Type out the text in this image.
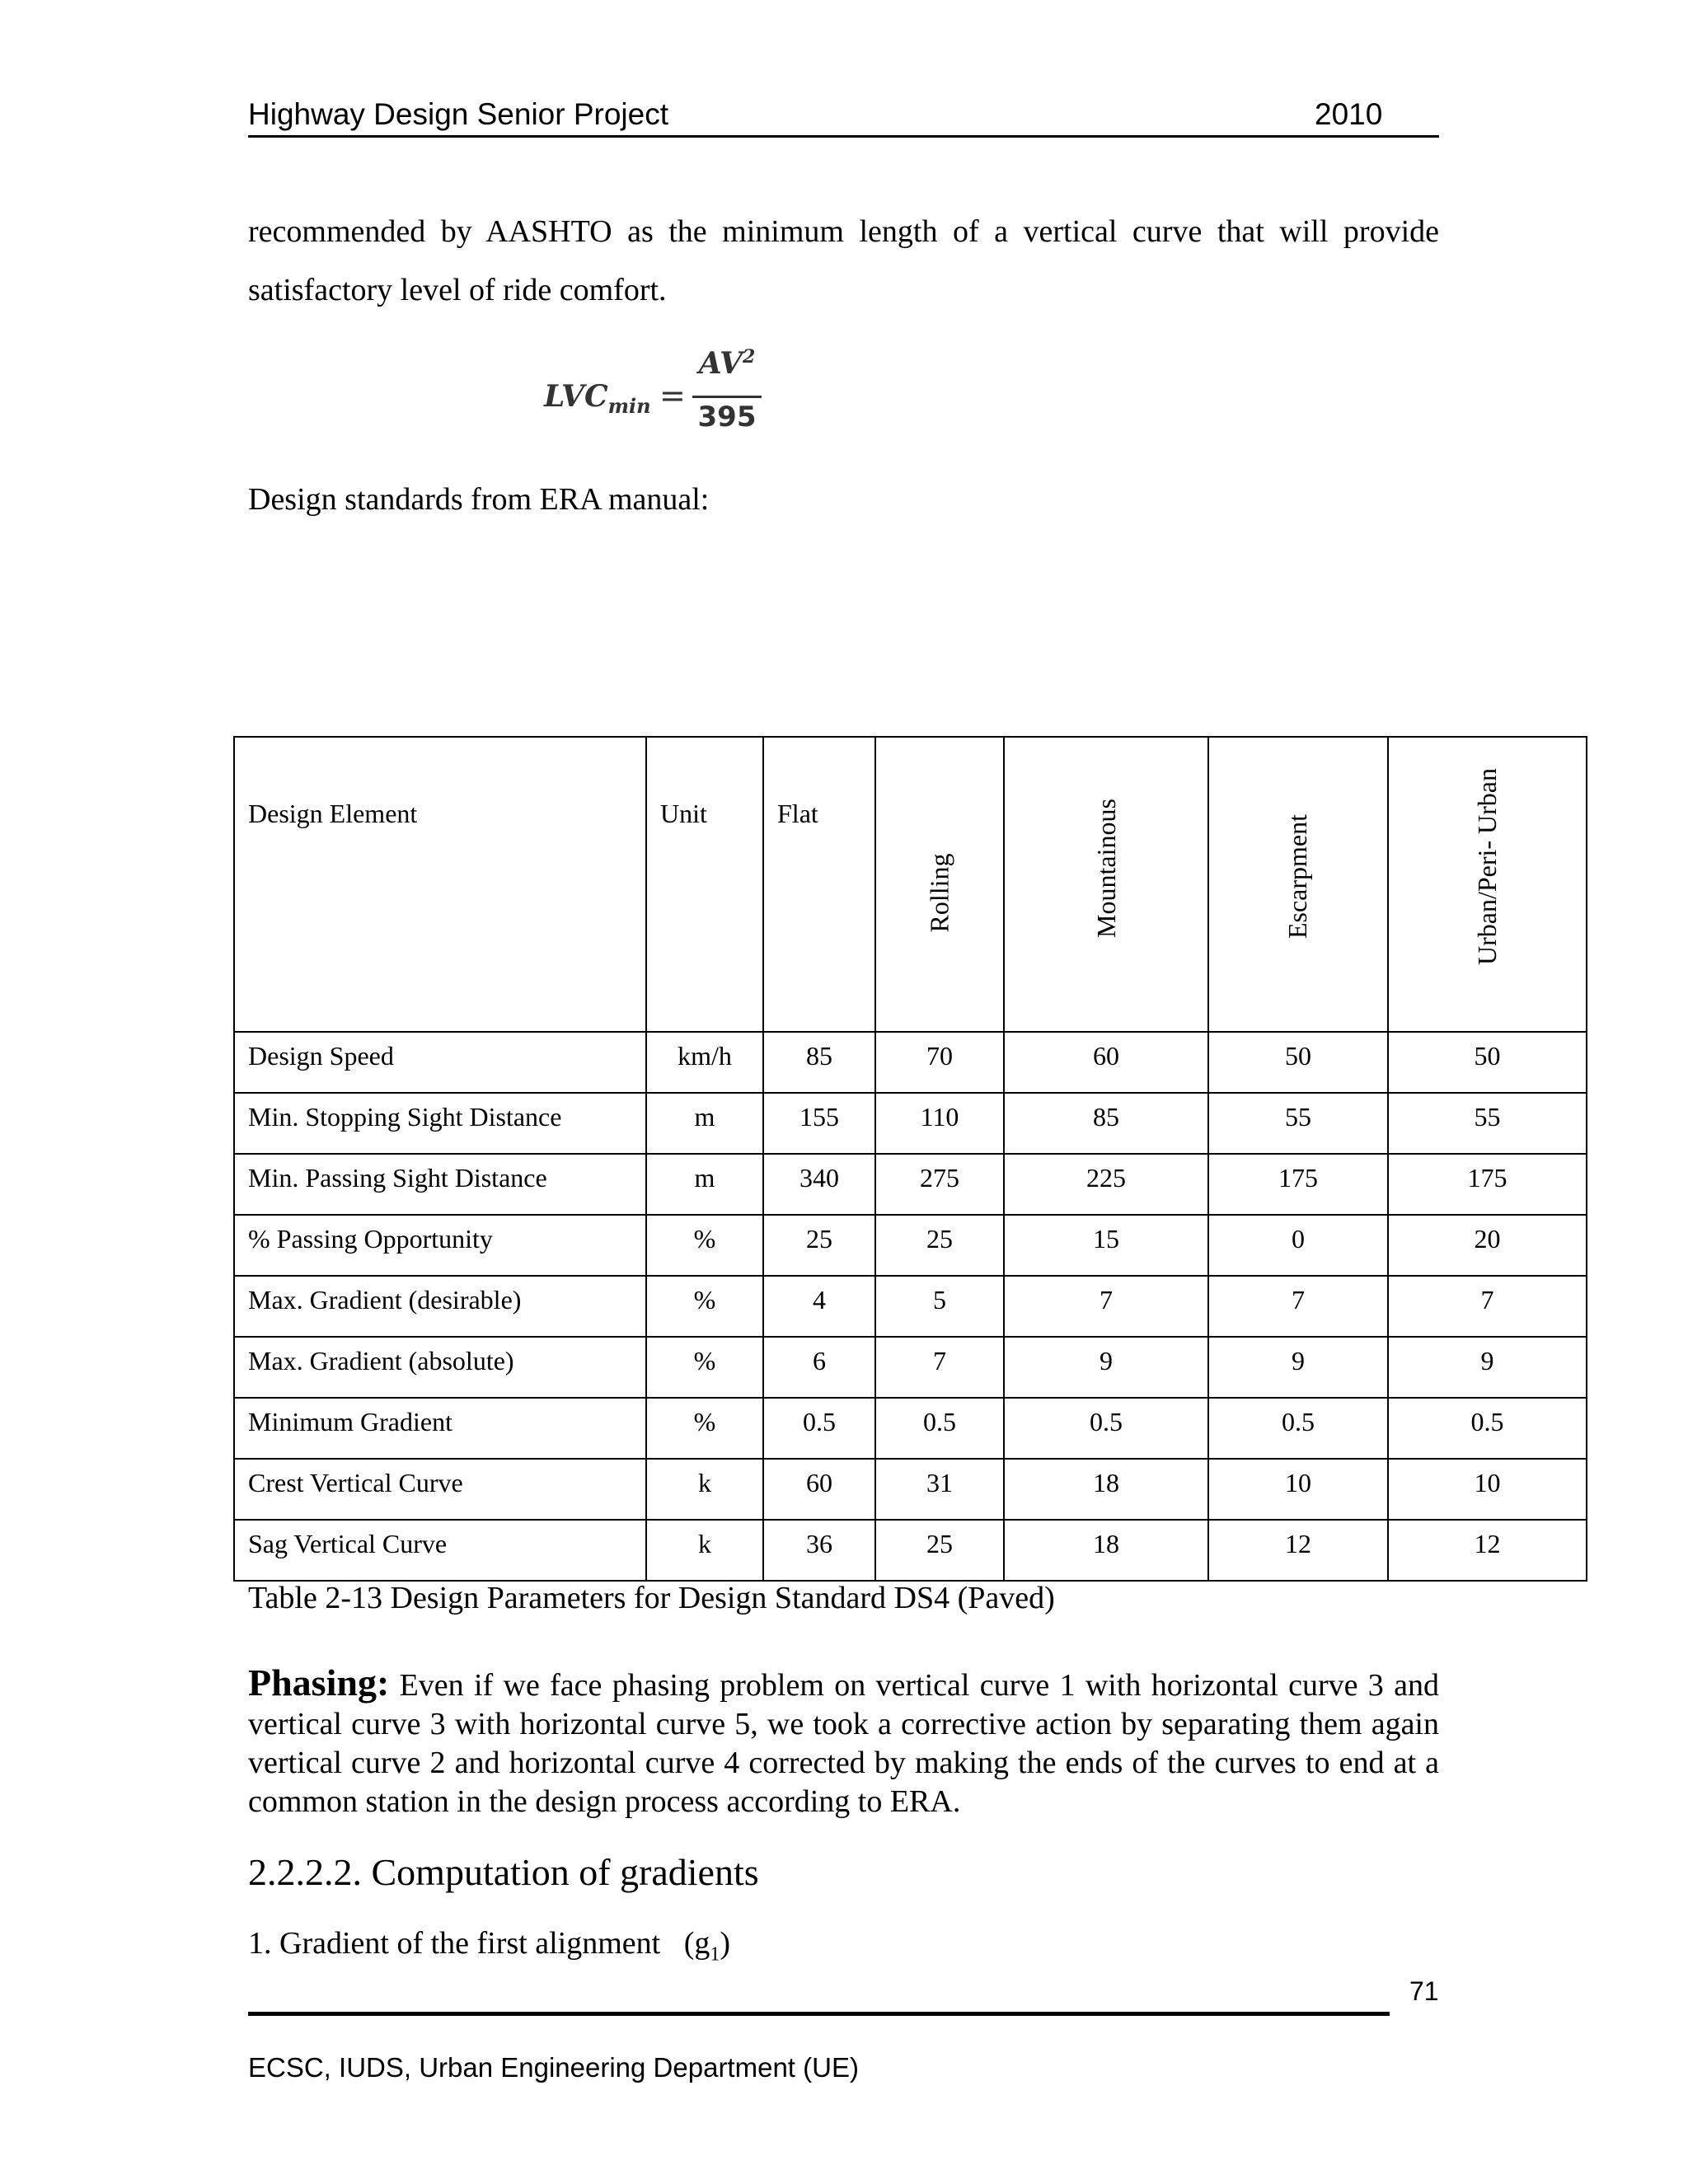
Highway Design Senior Project	2010
recommended by AASHTO as the minimum length of a vertical curve that will provide satisfactory level of ride comfort.
$LVC_{min}$ =
$AV^2$
395
Design standards from ERA manual:
Design Element	Unit	Flat	Rolling	Mountainous	Escarpment	Urban/Peri- Urban

Design Speed	km/h	85	70	60	50	50
Min. Stopping Sight Distance	m	155	110	85	55	55
Min. Passing Sight Distance	m	340	275	225	175	175
% Passing Opportunity	%	25	25	15	0	20
Max. Gradient (desirable)	%	4	5	7	7	7
Max. Gradient (absolute)	%	6	7	9	9	9
Minimum Gradient	%	0.5	0.5	0.5	0.5	0.5
Crest Vertical Curve	k	60	31	18	10	10
Sag Vertical Curve	k	36	25	18	12	12
Table 2-13 Design Parameters for Design Standard DS4 (Paved)
Phasing: Even if we face phasing problem on vertical curve 1 with horizontal curve 3 and vertical curve 3 with horizontal curve 5, we took a corrective action by separating them again vertical curve 2 and horizontal curve 4 corrected by making the ends of the curves to end at a common station in the design process according to ERA.
2.2.2.2. Computation of gradients
1. Gradient of the first alignment   $(g_1)$
71
ECSC, IUDS, Urban Engineering Department (UE)
